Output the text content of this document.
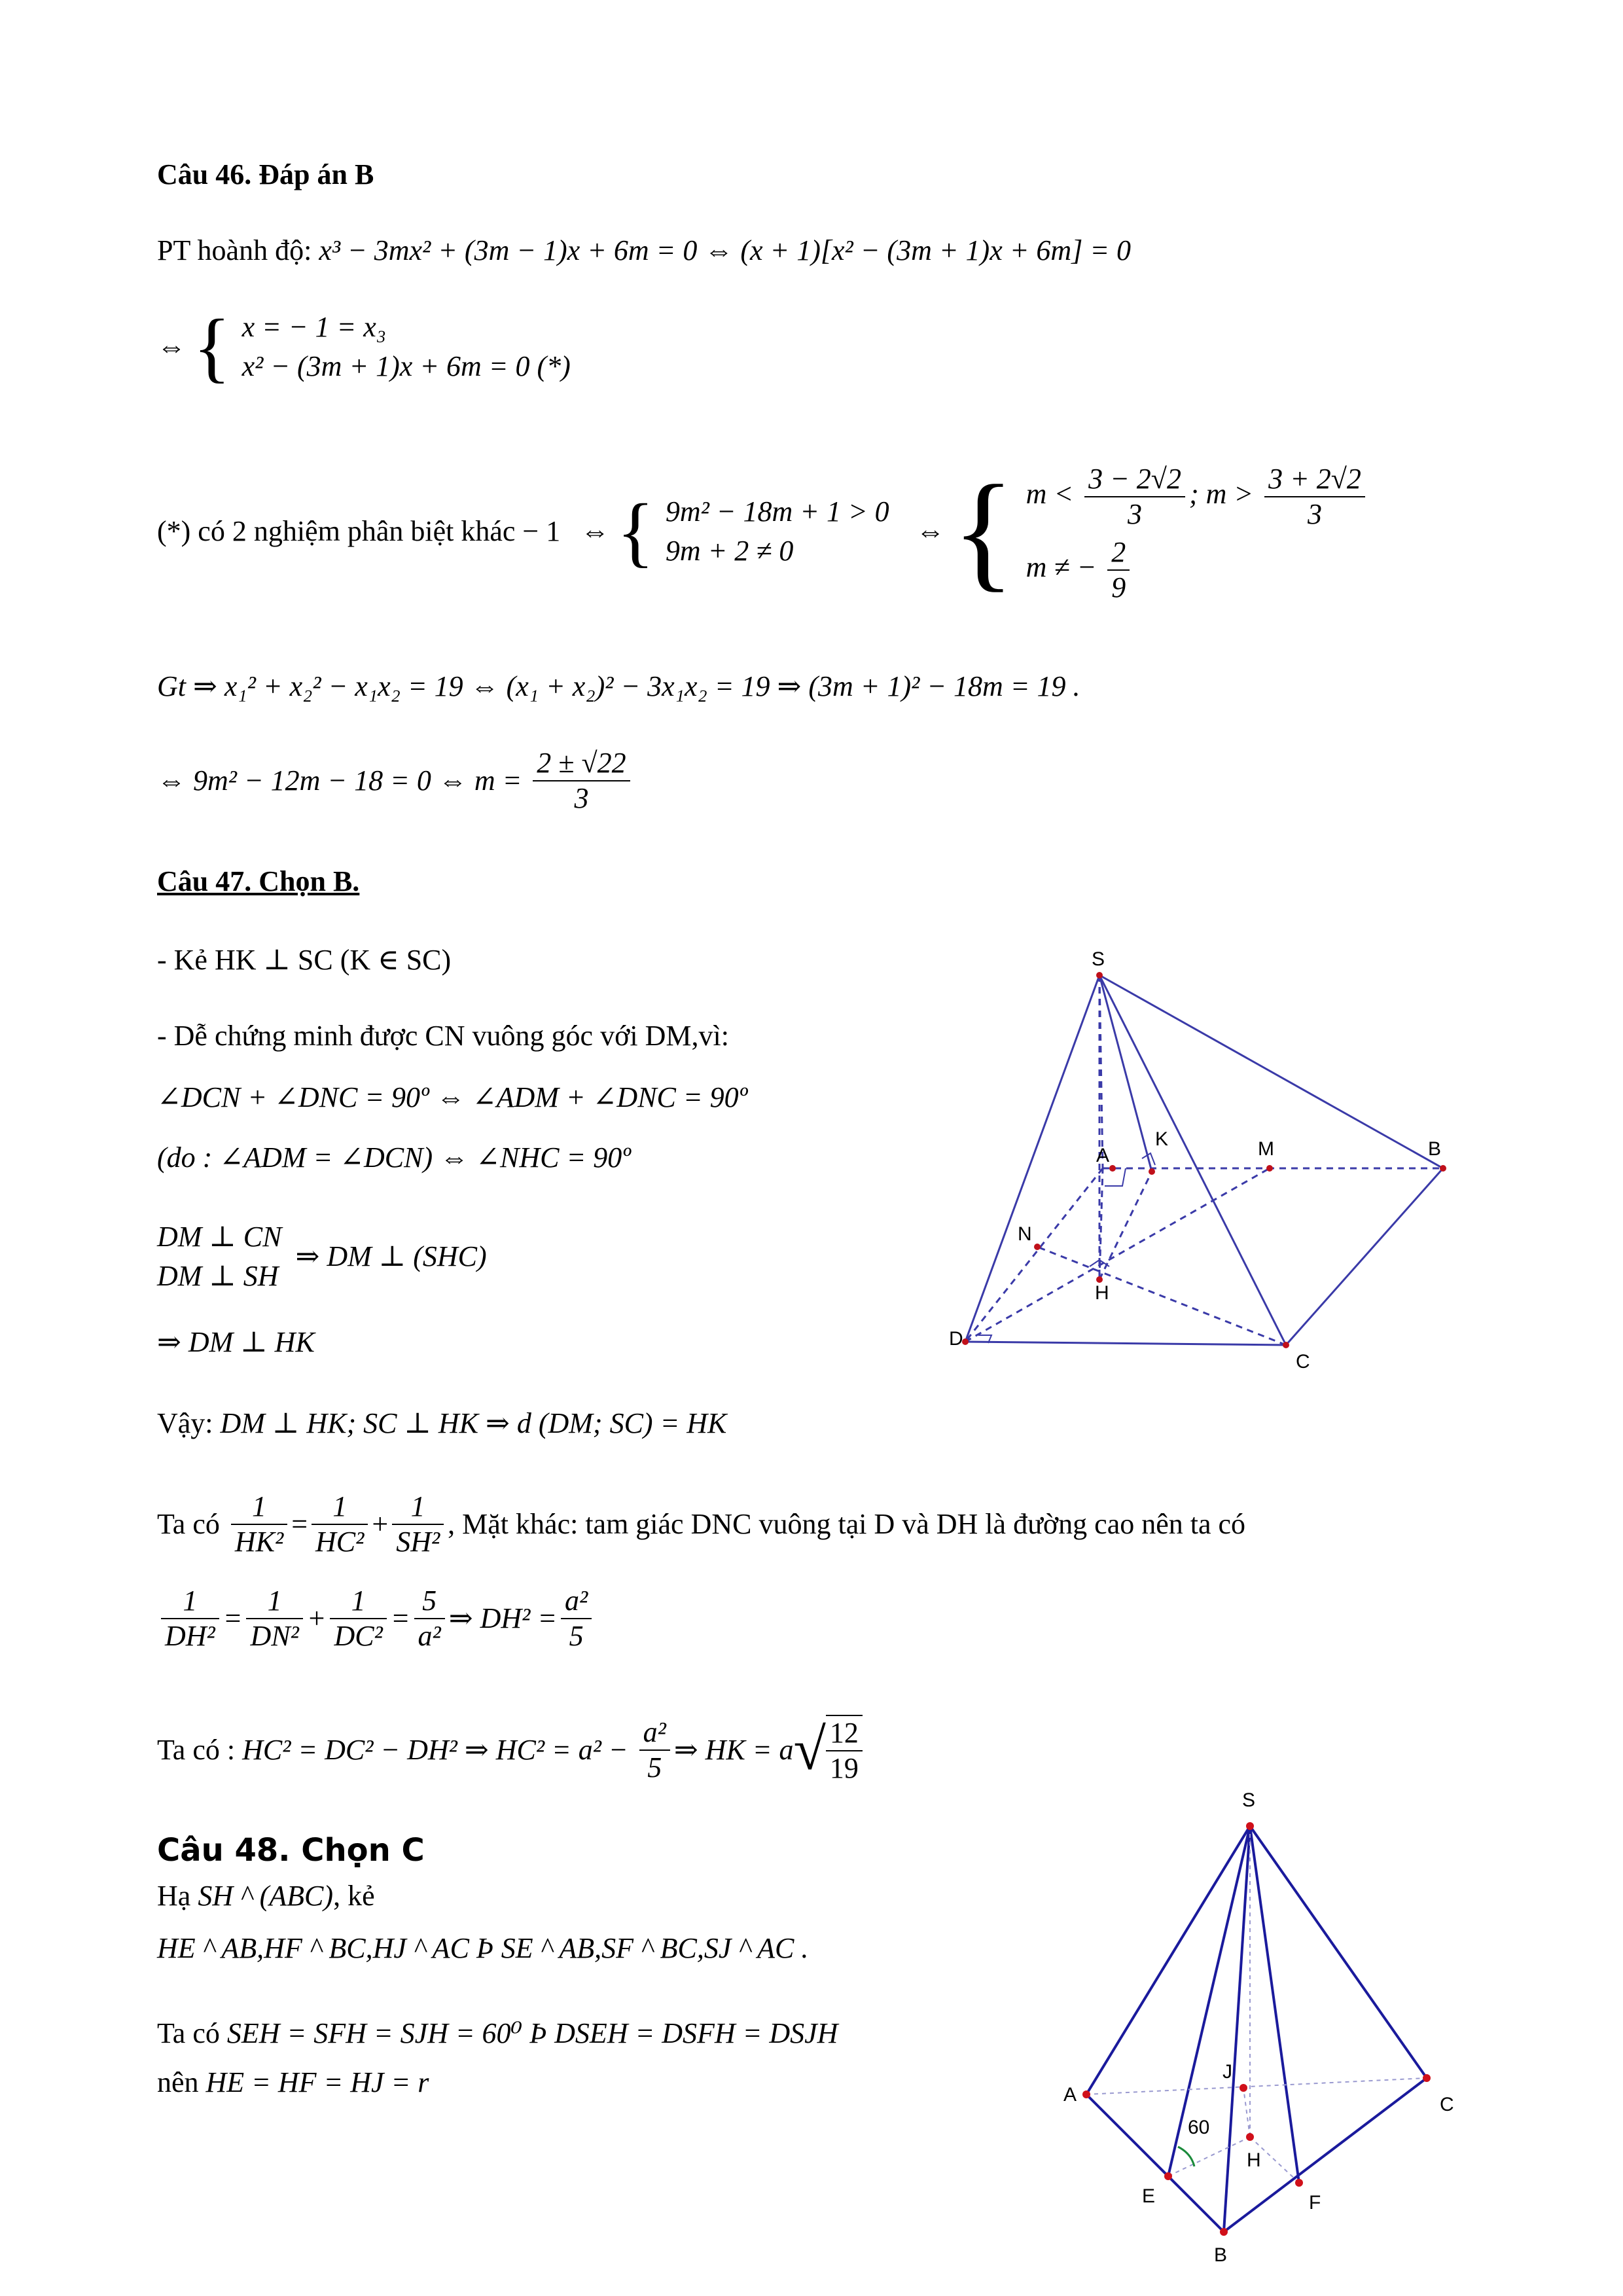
Câu 46. Đáp án B
PT hoành độ: x³ − 3mx² + (3m − 1)x + 6m = 0 ⇔ (x + 1)[x² − (3m + 1)x + 6m] = 0
⇔ { x = − 1 = x₃
x² − (3m + 1)x + 6m = 0 (*)
(*) có 2 nghiệm phân biệt khác − 1 ⇔ { 9m² − 18m + 1 > 0
9m + 2 ≠ 0
⇔ { $m < \frac{3 - 2√2}{3}$ ; $m > \frac{3 + 2√2}{3}$
m ≠ − $\frac{2}{9}$
Gt ⇒ x₁² + x₂² − x₁x₂ = 19 ⇔ (x₁ + x₂)² − 3x₁x₂ = 19 ⇒ (3m + 1)² − 18m = 19 .
⇔ 9m² − 12m − 18 = 0 ⇔ $m = \frac{2 \pm √22}{3}$
Câu 47. Chọn B.
- Kẻ HK ⊥ SC (K ∈ SC)
- Dễ chứng minh được CN vuông góc với DM,vì:
∠DCN + ∠DNC = 90º ⇔ ∠ADM + ∠DNC = 90º
(do : ∠ADM = ∠DCN) ⇔ ∠NHC = 90º
DM ⊥ CN
DM ⊥ SH
⇒ DM ⊥ (SHC)
⇒ DM ⊥ HK
Vậy: DM ⊥ HK; SC ⊥ HK ⇒ d (DM; SC) = HK
Ta có $\frac{1}{\text{HK²}} = \frac{1}{\text{HC²}} + \frac{1}{\text{SH²}}$ , Mặt khác: tam giác DNC vuông tại D và DH là đường cao nên ta có
$\frac{1}{\text{DH²}} = \frac{1}{\text{DN²}} + \frac{1}{\text{DC²}} = \frac{5}{\text{a²}}$ ⇒ $DH^2 = \frac{\text{a²}}{5}$
Ta có : HC² = DC² − DH² ⇒ $HC^2 = a^2 - \frac{\text{a²}}{5}$ ⇒ HK = $a√ \frac{12}{19}$
Câu 48. Chọn C
Hạ SH ^ (ABC), kẻ
HE ^ AB,HF ^ BC,HJ ^ AC Þ SE ^ AB,SF ^ BC,SJ ^ AC .
Ta có SEH = SFH = SJH = 60⁰ Þ DSEH = DSFH = DSJH
nên HE = HF = HJ = r
S
A
K	M	B
N
H
D
C
S
J
A	C
60
H
E	F
B
